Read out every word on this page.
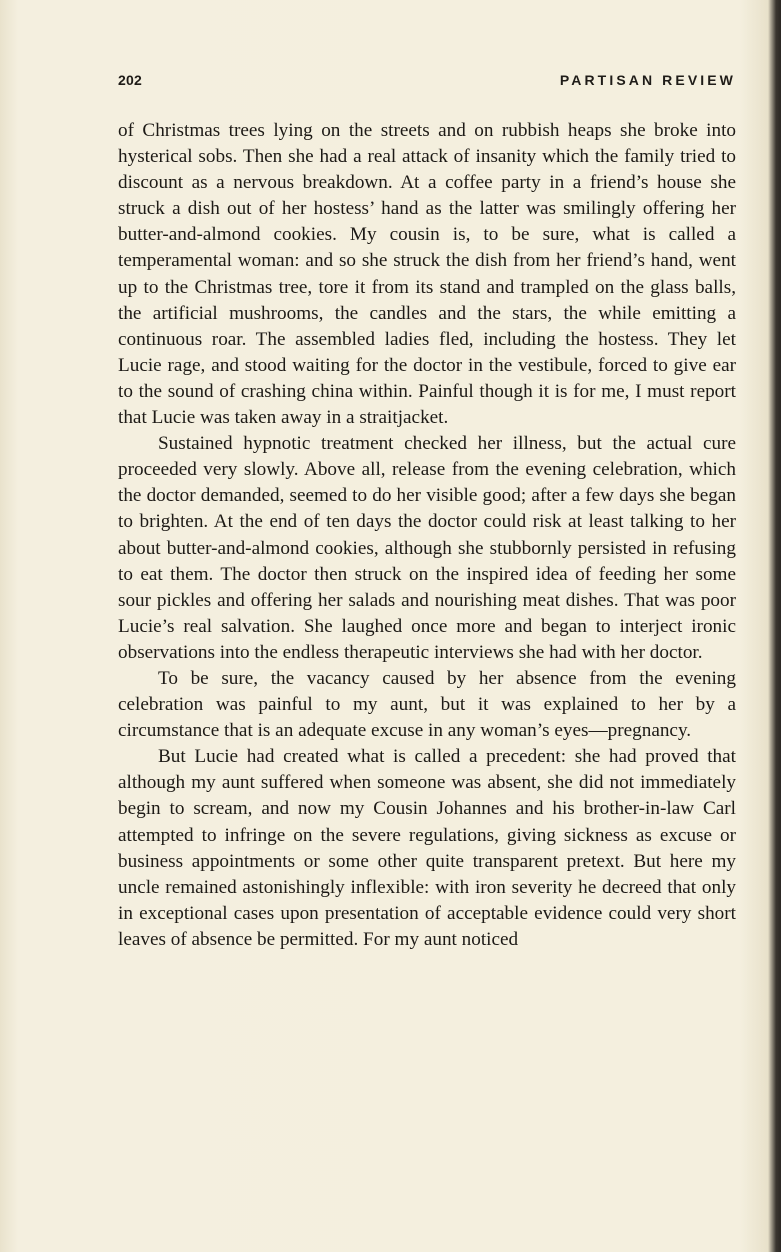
202	PARTISAN REVIEW

of Christmas trees lying on the streets and on rubbish heaps she broke into hysterical sobs. Then she had a real attack of insanity which the family tried to discount as a nervous breakdown. At a coffee party in a friend’s house she struck a dish out of her hostess’ hand as the latter was smilingly offering her butter-and-almond cookies. My cousin is, to be sure, what is called a temperamental woman: and so she struck the dish from her friend’s hand, went up to the Christmas tree, tore it from its stand and trampled on the glass balls, the artificial mushrooms, the candles and the stars, the while emitting a continuous roar. The assembled ladies fled, including the hostess. They let Lucie rage, and stood waiting for the doctor in the vestibule, forced to give ear to the sound of crashing china within. Painful though it is for me, I must report that Lucie was taken away in a straitjacket.

Sustained hypnotic treatment checked her illness, but the actual cure proceeded very slowly. Above all, release from the evening celebration, which the doctor demanded, seemed to do her visible good; after a few days she began to brighten. At the end of ten days the doctor could risk at least talking to her about butter-and-almond cookies, although she stubbornly persisted in refusing to eat them. The doctor then struck on the inspired idea of feeding her some sour pickles and offering her salads and nourishing meat dishes. That was poor Lucie’s real salvation. She laughed once more and began to interject ironic observations into the endless therapeutic interviews she had with her doctor.

To be sure, the vacancy caused by her absence from the evening celebration was painful to my aunt, but it was explained to her by a circumstance that is an adequate excuse in any woman’s eyes—pregnancy.

But Lucie had created what is called a precedent: she had proved that although my aunt suffered when someone was absent, she did not immediately begin to scream, and now my Cousin Johannes and his brother-in-law Carl attempted to infringe on the severe regulations, giving sickness as excuse or business appointments or some other quite transparent pretext. But here my uncle remained astonishingly inflexible: with iron severity he decreed that only in exceptional cases upon presentation of acceptable evidence could very short leaves of absence be permitted. For my aunt noticed
